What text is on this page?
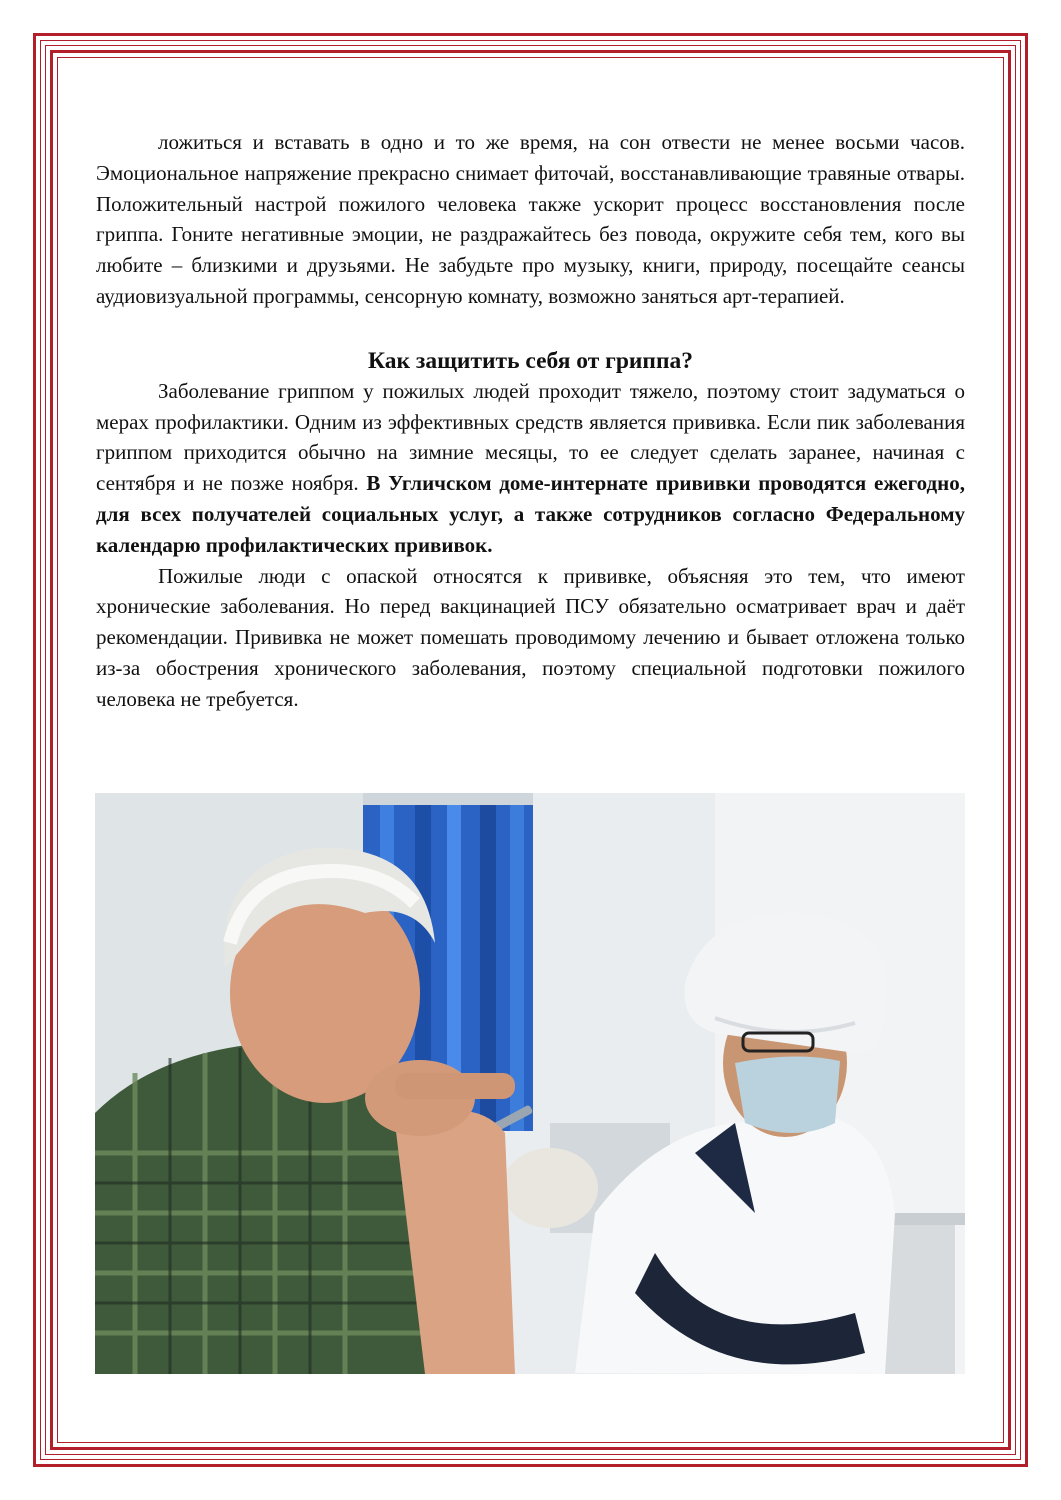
ложиться и вставать в одно и то же время, на сон отвести не менее восьми часов. Эмоциональное напряжение прекрасно снимает фиточай, восстанавливающие травяные отвары. Положительный настрой пожилого человека также ускорит процесс восстановления после гриппа. Гоните негативные эмоции, не раздражайтесь без повода, окружите себя тем, кого вы любите – близкими и друзьями. Не забудьте про музыку, книги, природу, посещайте сеансы аудиовизуальной программы, сенсорную комнату, возможно заняться арт-терапией.

Как защитить себя от гриппа?

Заболевание гриппом у пожилых людей проходит тяжело, поэтому стоит задуматься о мерах профилактики. Одним из эффективных средств является прививка. Если пик заболевания гриппом приходится обычно на зимние месяцы, то ее следует сделать заранее, начиная с сентября и не позже ноября. В Угличском доме-интернате прививки проводятся ежегодно, для всех получателей социальных услуг, а также сотрудников согласно Федеральному календарю профилактических прививок.

Пожилые люди с опаской относятся к прививке, объясняя это тем, что имеют хронические заболевания. Но перед вакцинацией ПСУ обязательно осматривает врач и даёт рекомендации. Прививка не может помешать проводимому лечению и бывает отложена только из-за обострения хронического заболевания, поэтому специальной подготовки пожилого человека не требуется.
